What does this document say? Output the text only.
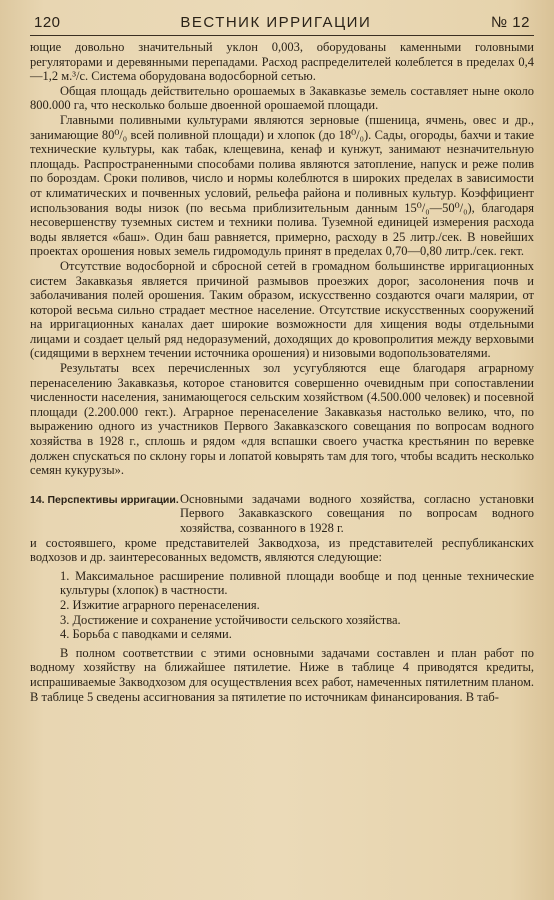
120	ВЕСТНИК ИРРИГАЦИИ	№ 12

ющие довольно значительный уклон 0,003, оборудованы каменными головными регуляторами и деревянными перепадами. Расход распределителей колеблется в пределах 0,4—1,2 м.³/с. Система оборудована водосборной сетью.

Общая площадь действительно орошаемых в Закавказье земель составляет ныне около 800.000 га, что несколько больше двоенной орошаемой площади.

Главными поливными культурами являются зерновые (пшеница, ячмень, овес и др., занимающие 80⁰/₀ всей поливной площади) и хлопок (до 18⁰/₀). Сады, огороды, бахчи и такие технические культуры, как табак, клещевина, кенаф и кунжут, занимают незначительную площадь. Распространенными способами полива являются затопление, напуск и реже полив по бороздам. Сроки поливов, число и нормы колеблются в широких пределах в зависимости от климатических и почвенных условий, рельефа района и поливных культур. Коэффициент использования воды низок (по весьма приблизительным данным 15⁰/₀—50⁰/₀), благодаря несовершенству туземных систем и техники полива. Туземной единицей измерения расхода воды является «баш». Один баш равняется, примерно, расходу в 25 литр./сек. В новейших проектах орошения новых земель гидромодуль принят в пределах 0,70—0,80 литр./сек. гект.

Отсутствие водосборной и сбросной сетей в громадном большинстве ирригационных систем Закавказья является причиной размывов проезжих дорог, засолонения почв и заболачивания полей орошения. Таким образом, искусственно создаются очаги малярии, от которой весьма сильно страдает местное население. Отсутствие искусственных сооружений на ирригационных каналах дает широкие возможности для хищения воды отдельными лицами и создает целый ряд недоразумений, доходящих до кровопролития между верховыми (сидящими в верхнем течении источника орошения) и низовыми водопользователями.

Результаты всех перечисленных зол усугубляются еще благодаря аграрному перенаселению Закавказья, которое становится совершенно очевидным при сопоставлении численности населения, занимающегося сельским хозяйством (4.500.000 человек) и посевной площади (2.200.000 гект.). Аграрное перенаселение Закавказья настолько велико, что, по выражению одного из участников Первого Закавказского совещания по вопросам водного хозяйства в 1928 г., сплошь и рядом «для вспашки своего участка крестьянин по веревке должен спускаться по склону горы и лопатой ковырять там для того, чтобы всадить несколько семян кукурузы».

14. Перспективы ирригации. Основными задачами водного хозяйства, согласно установки Первого Закавказского совещания по вопросам водного хозяйства, созванного в 1928 г.

и состоявшего, кроме представителей Закводхоза, из представителей республиканских водхозов и др. заинтересованных ведомств, являются следующие:

1. Максимальное расширение поливной площади вообще и под ценные технические культуры (хлопок) в частности.
2. Изжитие аграрного перенаселения.
3. Достижение и сохранение устойчивости сельского хозяйства.
4. Борьба с паводками и селями.

В полном соответствии с этими основными задачами составлен и план работ по водному хозяйству на ближайшее пятилетие. Ниже в таблице 4 приводятся кредиты, испрашиваемые Закводхозом для осуществления всех работ, намеченных пятилетним планом. В таблице 5 сведены ассигнования за пятилетие по источникам финансирования. В таб-
